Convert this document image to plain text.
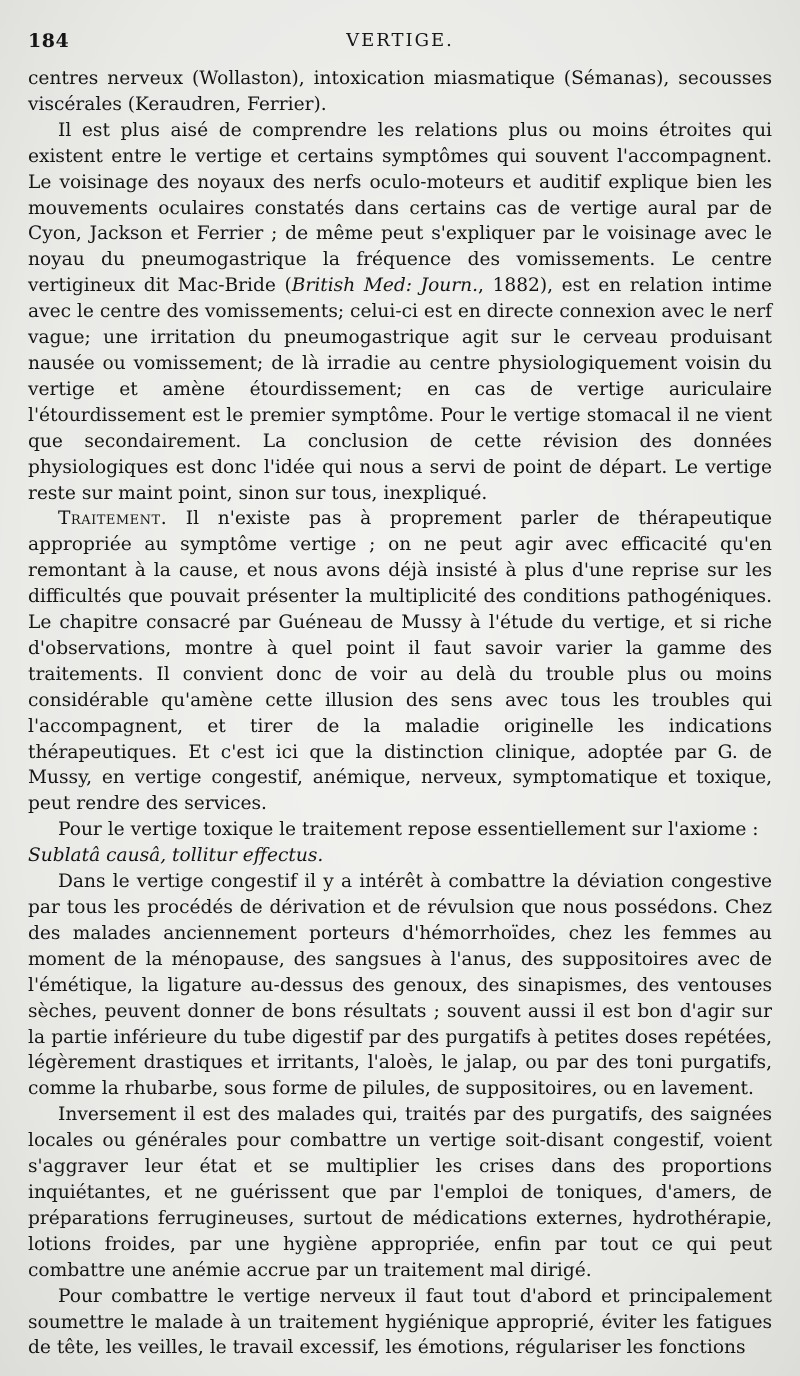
184	VERTIGE.

centres nerveux (Wollaston), intoxication miasmatique (Sémanas), secousses viscérales (Keraudren, Ferrier).

Il est plus aisé de comprendre les relations plus ou moins étroites qui existent entre le vertige et certains symptômes qui souvent l'accompagnent. Le voisinage des noyaux des nerfs oculo-moteurs et auditif explique bien les mouvements oculaires constatés dans certains cas de vertige aural par de Cyon, Jackson et Ferrier ; de même peut s'expliquer par le voisinage avec le noyau du pneumogastrique la fréquence des vomissements. Le centre vertigineux dit Mac-Bride (British Med: Journ., 1882), est en relation intime avec le centre des vomissements; celui-ci est en directe connexion avec le nerf vague; une irritation du pneumogastrique agit sur le cerveau produisant nausée ou vomissement; de là irradie au centre physiologiquement voisin du vertige et amène étourdissement; en cas de vertige auriculaire l'étourdissement est le premier symptôme. Pour le vertige stomacal il ne vient que secondairement. La conclusion de cette révision des données physiologiques est donc l'idée qui nous a servi de point de départ. Le vertige reste sur maint point, sinon sur tous, inexpliqué.

Traitement. Il n'existe pas à proprement parler de thérapeutique appropriée au symptôme vertige ; on ne peut agir avec efficacité qu'en remontant à la cause, et nous avons déjà insisté à plus d'une reprise sur les difficultés que pouvait présenter la multiplicité des conditions pathogéniques. Le chapitre consacré par Guéneau de Mussy à l'étude du vertige, et si riche d'observations, montre à quel point il faut savoir varier la gamme des traitements. Il convient donc de voir au delà du trouble plus ou moins considérable qu'amène cette illusion des sens avec tous les troubles qui l'accompagnent, et tirer de la maladie originelle les indications thérapeutiques. Et c'est ici que la distinction clinique, adoptée par G. de Mussy, en vertige congestif, anémique, nerveux, symptomatique et toxique, peut rendre des services.

Pour le vertige toxique le traitement repose essentiellement sur l'axiome :
Sublatâ causâ, tollitur effectus.

Dans le vertige congestif il y a intérêt à combattre la déviation congestive par tous les procédés de dérivation et de révulsion que nous possédons. Chez des malades anciennement porteurs d'hémorrhoïdes, chez les femmes au moment de la ménopause, des sangsues à l'anus, des suppositoires avec de l'émétique, la ligature au-dessus des genoux, des sinapismes, des ventouses sèches, peuvent donner de bons résultats ; souvent aussi il est bon d'agir sur la partie inférieure du tube digestif par des purgatifs à petites doses repétées, légèrement drastiques et irritants, l'aloès, le jalap, ou par des toni purgatifs, comme la rhubarbe, sous forme de pilules, de suppositoires, ou en lavement.

Inversement il est des malades qui, traités par des purgatifs, des saignées locales ou générales pour combattre un vertige soit-disant congestif, voient s'aggraver leur état et se multiplier les crises dans des proportions inquiétantes, et ne guérissent que par l'emploi de toniques, d'amers, de préparations ferrugineuses, surtout de médications externes, hydrothérapie, lotions froides, par une hygiène appropriée, enfin par tout ce qui peut combattre une anémie accrue par un traitement mal dirigé.

Pour combattre le vertige nerveux il faut tout d'abord et principalement soumettre le malade à un traitement hygiénique approprié, éviter les fatigues de tête, les veilles, le travail excessif, les émotions, régulariser les fonctions
